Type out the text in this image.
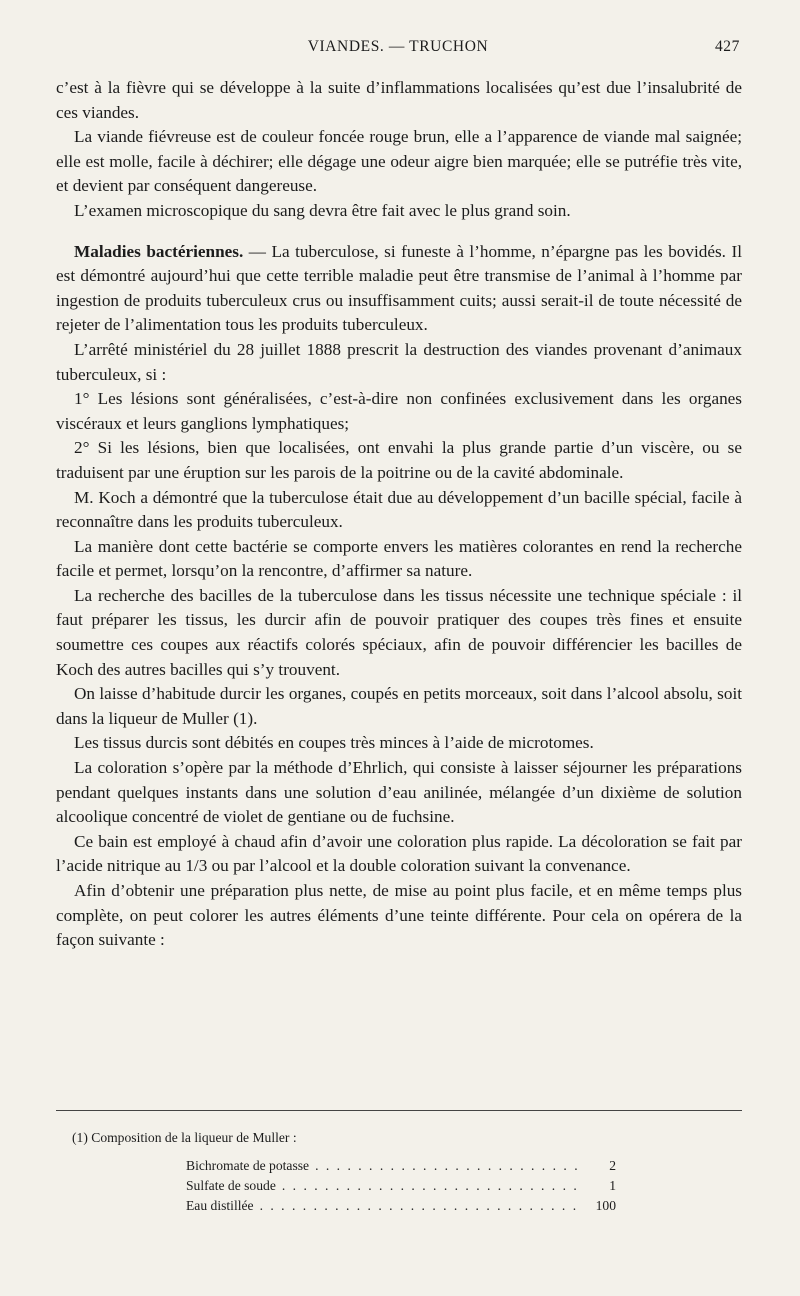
VIANDES. — TRUCHON	427

c’est à la fièvre qui se développe à la suite d’inflammations localisées qu’est due l’insalubrité de ces viandes.

La viande fiévreuse est de couleur foncée rouge brun, elle a l’apparence de viande mal saignée; elle est molle, facile à déchirer; elle dégage une odeur aigre bien marquée; elle se putréfie très vite, et devient par conséquent dangereuse.

L’examen microscopique du sang devra être fait avec le plus grand soin.

Maladies bactériennes. — La tuberculose, si funeste à l’homme, n’épargne pas les bovidés. Il est démontré aujourd’hui que cette terrible maladie peut être transmise de l’animal à l’homme par ingestion de produits tuberculeux crus ou insuffisamment cuits; aussi serait-il de toute nécessité de rejeter de l’alimentation tous les produits tuberculeux.

L’arrêté ministériel du 28 juillet 1888 prescrit la destruction des viandes provenant d’animaux tuberculeux, si :

1° Les lésions sont généralisées, c’est-à-dire non confinées exclusivement dans les organes viscéraux et leurs ganglions lymphatiques;

2° Si les lésions, bien que localisées, ont envahi la plus grande partie d’un viscère, ou se traduisent par une éruption sur les parois de la poitrine ou de la cavité abdominale.

M. Koch a démontré que la tuberculose était due au développement d’un bacille spécial, facile à reconnaître dans les produits tuberculeux.

La manière dont cette bactérie se comporte envers les matières colorantes en rend la recherche facile et permet, lorsqu’on la rencontre, d’affirmer sa nature.

La recherche des bacilles de la tuberculose dans les tissus nécessite une technique spéciale : il faut préparer les tissus, les durcir afin de pouvoir pratiquer des coupes très fines et ensuite soumettre ces coupes aux réactifs colorés spéciaux, afin de pouvoir différencier les bacilles de Koch des autres bacilles qui s’y trouvent.

On laisse d’habitude durcir les organes, coupés en petits morceaux, soit dans l’alcool absolu, soit dans la liqueur de Muller (1).

Les tissus durcis sont débités en coupes très minces à l’aide de microtomes.

La coloration s’opère par la méthode d’Ehrlich, qui consiste à laisser séjourner les préparations pendant quelques instants dans une solution d’eau anilinée, mélangée d’un dixième de solution alcoolique concentré de violet de gentiane ou de fuchsine.

Ce bain est employé à chaud afin d’avoir une coloration plus rapide. La décoloration se fait par l’acide nitrique au 1/3 ou par l’alcool et la double coloration suivant la convenance.

Afin d’obtenir une préparation plus nette, de mise au point plus facile, et en même temps plus complète, on peut colorer les autres éléments d’une teinte différente. Pour cela on opérera de la façon suivante :

(1) Composition de la liqueur de Muller :

Bichromate de potasse . . .	2
Sulfate de soude . . .	1
Eau distillée . . .	100
